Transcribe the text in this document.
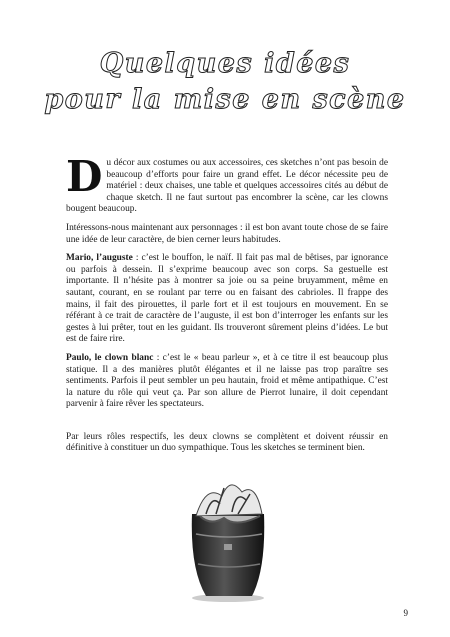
Quelques idées
pour la mise en scène

Du décor aux costumes ou aux accessoires, ces sketches n’ont pas besoin de beaucoup d’efforts pour faire un grand effet. Le décor nécessite peu de matériel : deux chaises, une table et quelques accessoires cités au début de chaque sketch. Il ne faut surtout pas encombrer la scène, car les clowns bougent beaucoup.

Intéressons-nous maintenant aux personnages : il est bon avant toute chose de se faire une idée de leur caractère, de bien cerner leurs habitudes.

Mario, l’auguste : c’est le bouffon, le naïf. Il fait pas mal de bêtises, par ignorance ou parfois à dessein. Il s’exprime beaucoup avec son corps. Sa gestuelle est importante. Il n’hésite pas à montrer sa joie ou sa peine bruyamment, même en sautant, courant, en se roulant par terre ou en faisant des cabrioles. Il frappe des mains, il fait des pirouettes, il parle fort et il est toujours en mouvement. En se référant à ce trait de caractère de l’auguste, il est bon d’interroger les enfants sur les gestes à lui prêter, tout en les guidant. Ils trouveront sûrement pleins d’idées. Le but est de faire rire.

Paulo, le clown blanc : c’est le « beau parleur », et à ce titre il est beaucoup plus statique. Il a des manières plutôt élégantes et il ne laisse pas trop paraître ses sentiments. Parfois il peut sembler un peu hautain, froid et même antipathique. C’est la nature du rôle qui veut ça. Par son allure de Pierrot lunaire, il doit cependant parvenir à faire rêver les spectateurs.

Par leurs rôles respectifs, les deux clowns se complètent et doivent réussir en définitive à constituer un duo sympathique. Tous les sketches se terminent bien.

9
